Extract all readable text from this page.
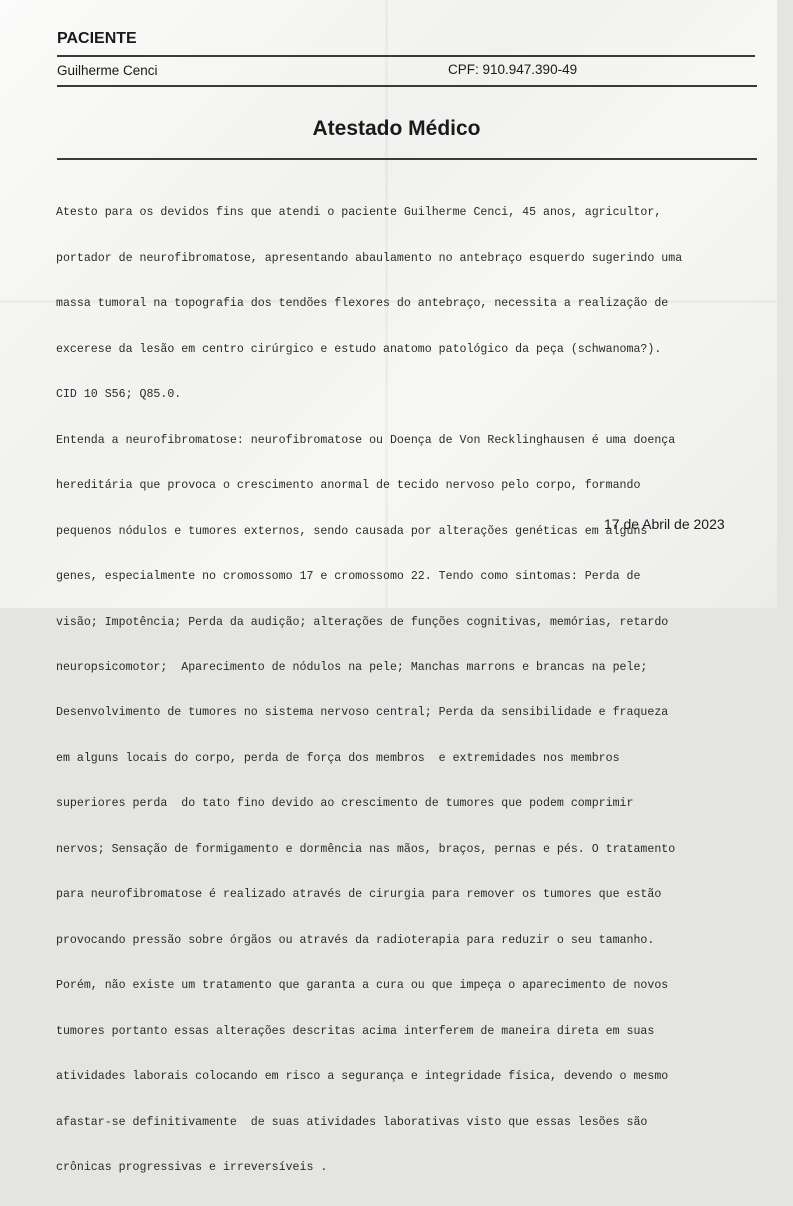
PACIENTE
Guilherme Cenci	CPF: 910.947.390-49
Atestado Médico

Atesto para os devidos fins que atendi o paciente Guilherme Cenci, 45 anos, agricultor,

portador de neurofibromatose, apresentando abaulamento no antebraço esquerdo sugerindo uma

massa tumoral na topografia dos tendões flexores do antebraço, necessita a realização de

excerese da lesão em centro cirúrgico e estudo anatomo patológico da peça (schwanoma?).

CID 10 S56; Q85.0.

Entenda a neurofibromatose: neurofibromatose ou Doença de Von Recklinghausen é uma doença

hereditária que provoca o crescimento anormal de tecido nervoso pelo corpo, formando

pequenos nódulos e tumores externos, sendo causada por alterações genéticas em alguns

genes, especialmente no cromossomo 17 e cromossomo 22. Tendo como sintomas: Perda de

visão; Impotência; Perda da audição; alterações de funções cognitivas, memórias, retardo

neuropsicomotor;  Aparecimento de nódulos na pele; Manchas marrons e brancas na pele;

Desenvolvimento de tumores no sistema nervoso central; Perda da sensibilidade e fraqueza

em alguns locais do corpo, perda de força dos membros  e extremidades nos membros

superiores perda  do tato fino devido ao crescimento de tumores que podem comprimir

nervos; Sensação de formigamento e dormência nas mãos, braços, pernas e pés. O tratamento

para neurofibromatose é realizado através de cirurgia para remover os tumores que estão

provocando pressão sobre órgãos ou através da radioterapia para reduzir o seu tamanho.

Porém, não existe um tratamento que garanta a cura ou que impeça o aparecimento de novos

tumores portanto essas alterações descritas acima interferem de maneira direta em suas

atividades laborais colocando em risco a segurança e integridade física, devendo o mesmo

afastar-se definitivamente  de suas atividades laborativas visto que essas lesões são

crônicas progressivas e irreversíveis .

17 de Abril de 2023
